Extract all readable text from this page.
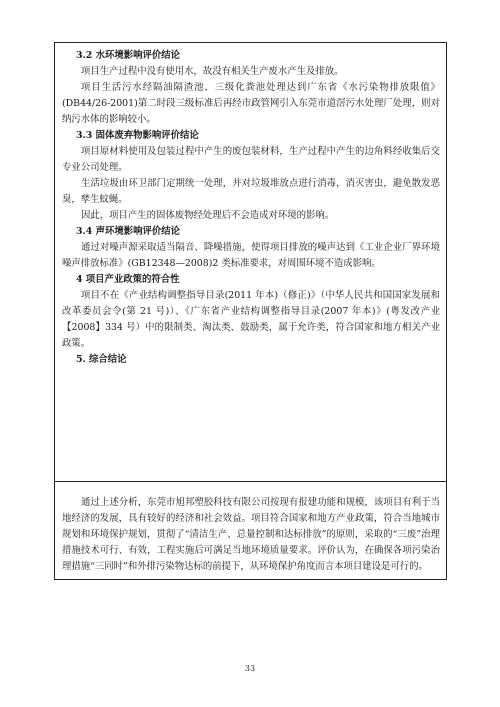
3.2 水环境影响评价结论

项目生产过程中没有使用水，故没有相关生产废水产生及排放。

项目生活污水经隔油隔渣池、三级化粪池处理达到广东省《水污染物排放限值》(DB44/26-2001)第二时段三级标准后再经市政管网引入东莞市道滘污水处理厂处理，则对纳污水体的影响较小。

3.3 固体废弃物影响评价结论

项目原材料使用及包装过程中产生的废包装材料，生产过程中产生的边角料经收集后交专业公司处理。

生活垃圾由环卫部门定期统一处理，并对垃圾堆放点进行消毒，消灭害虫，避免散发恶臭，孳生蚊蝇。

因此，项目产生的固体废物经处理后不会造成对环境的影响。

3.4 声环境影响评价结论

通过对噪声源采取适当隔音、降噪措施，使得项目排放的噪声达到《工业企业厂界环境噪声排放标准》(GB12348—2008)2 类标准要求，对周围环境不造成影响。

4 项目产业政策的符合性

项目不在《产业结构调整指导目录(2011 年本)（修正)》（中华人民共和国国家发展和改革委员会令(第 21 号)）、《广东省产业结构调整指导目录(2007 年本)》(粤发改产业【2008】334 号）中的限制类、淘汰类、鼓励类，属于允许类，符合国家和地方相关产业政策。

5. 综合结论

通过上述分析，东莞市旭邦塑胶科技有限公司按现有报建功能和规模，该项目有利于当地经济的发展，具有较好的经济和社会效益。项目符合国家和地方产业政策，符合当地城市规划和环境保护规划，贯彻了“清洁生产、总量控制和达标排放”的原则，采取的“三废”治理措施技术可行、有效，工程实施后可满足当地环境质量要求。评价认为，在确保各项污染治理措施“三同时”和外排污染物达标的前提下，从环境保护角度而言本项目建设是可行的。

33
